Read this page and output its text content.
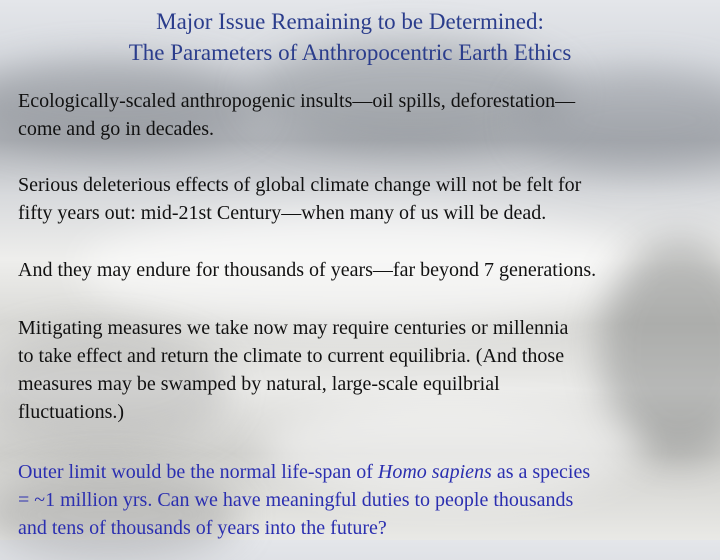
Major Issue Remaining to be Determined:
The Parameters of Anthropocentric Earth Ethics
Ecologically-scaled anthropogenic insults—oil spills, deforestation—
come and go in decades.
Serious deleterious effects of global climate change will not be felt for
fifty years out: mid-21st Century—when many of us will be dead.
And they may endure for thousands of years—far beyond 7 generations.
Mitigating measures we take now may require centuries or millennia
to take effect and return the climate to current equilibria. (And those
measures may be swamped by natural, large-scale equilbrial
fluctuations.)
Outer limit would be the normal life-span of Homo sapiens as a species
= ~1 million yrs. Can we have meaningful duties to people thousands
and tens of thousands of years into the future?
